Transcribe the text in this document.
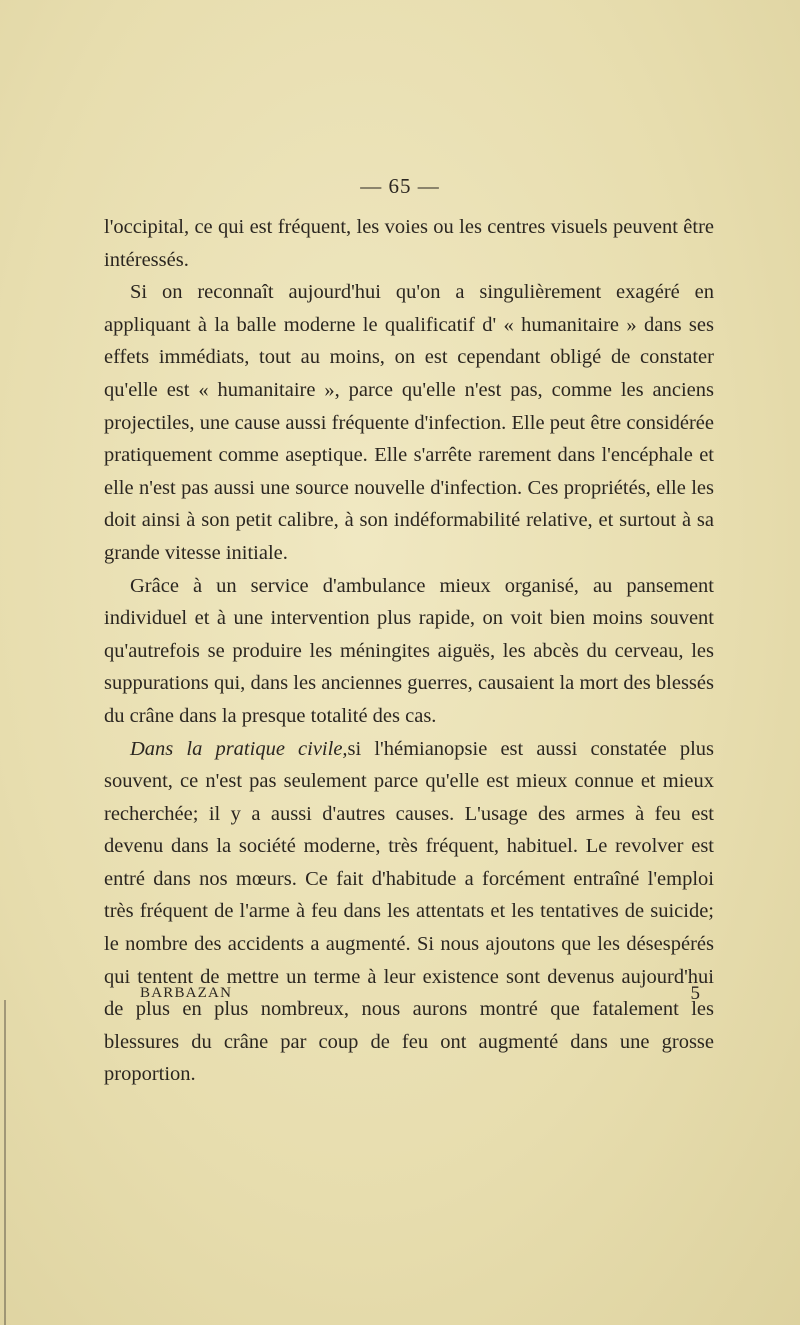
— 65 —

l'occipital, ce qui est fréquent, les voies ou les centres visuels peuvent être intéressés.

Si on reconnaît aujourd'hui qu'on a singulièrement exagéré en appliquant à la balle moderne le qualificatif d' « humanitaire » dans ses effets immédiats, tout au moins, on est cependant obligé de constater qu'elle est « humanitaire », parce qu'elle n'est pas, comme les anciens projectiles, une cause aussi fréquente d'infection. Elle peut être considérée pratiquement comme aseptique. Elle s'arrête rarement dans l'encéphale et elle n'est pas aussi une source nouvelle d'infection. Ces propriétés, elle les doit ainsi à son petit calibre, à son indéformabilité relative, et surtout à sa grande vitesse initiale.

Grâce à un service d'ambulance mieux organisé, au pansement individuel et à une intervention plus rapide, on voit bien moins souvent qu'autrefois se produire les méningites aiguës, les abcès du cerveau, les suppurations qui, dans les anciennes guerres, causaient la mort des blessés du crâne dans la presque totalité des cas.

Dans la pratique civile,si l'hémianopsie est aussi constatée plus souvent, ce n'est pas seulement parce qu'elle est mieux connue et mieux recherchée; il y a aussi d'autres causes. L'usage des armes à feu est devenu dans la société moderne, très fréquent, habituel. Le revolver est entré dans nos mœurs. Ce fait d'habitude a forcément entraîné l'emploi très fréquent de l'arme à feu dans les attentats et les tentatives de suicide; le nombre des accidents a augmenté. Si nous ajoutons que les désespérés qui tentent de mettre un terme à leur existence sont devenus aujourd'hui de plus en plus nombreux, nous aurons montré que fatalement les blessures du crâne par coup de feu ont augmenté dans une grosse proportion.

BARBAZAN	5
